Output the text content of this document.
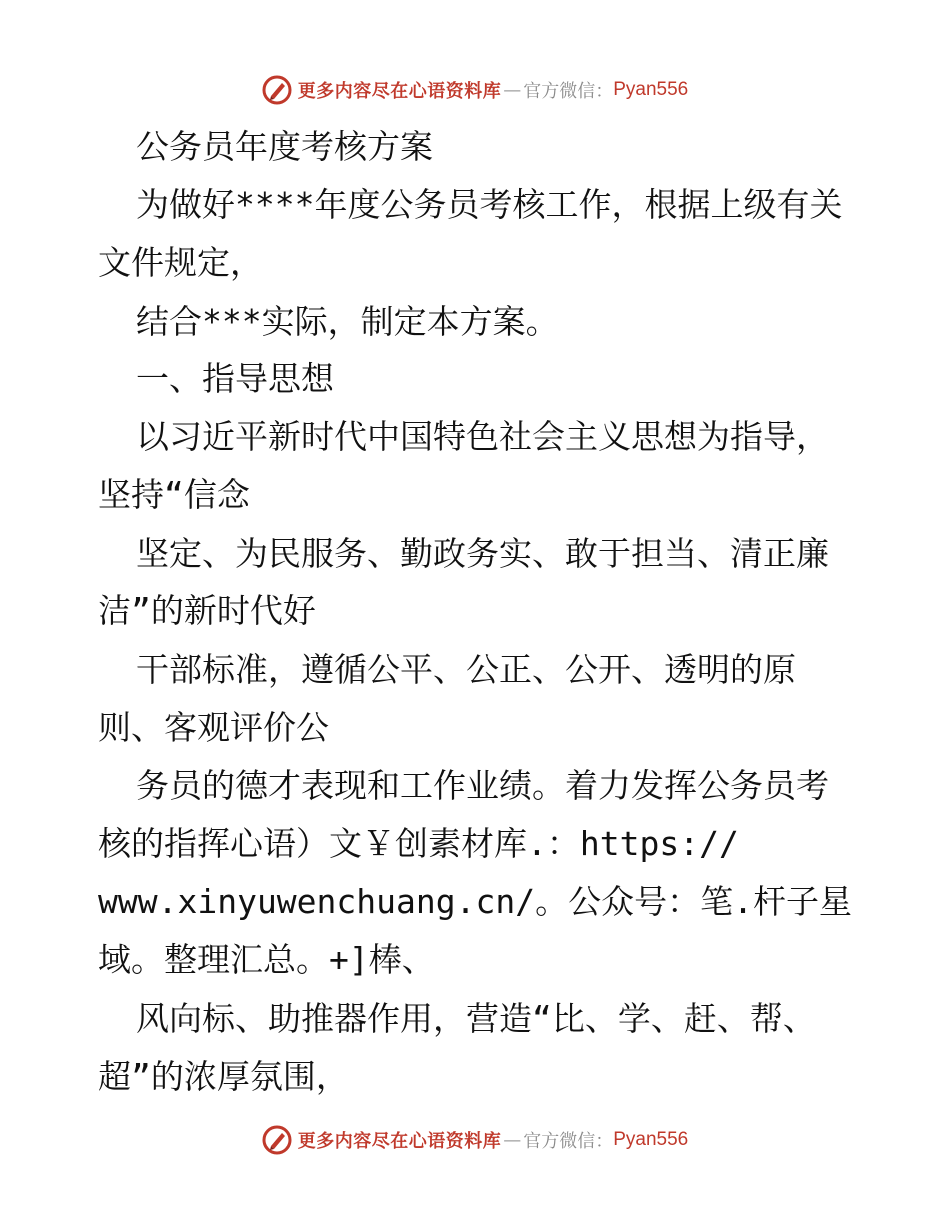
更多内容尽在心语资料库 — 官方微信： Pyan556
公务员年度考核方案
为做好****年度公务员考核工作，根据上级有关
文件规定，
结合***实际，制定本方案。
一、指导思想
以习近平新时代中国特色社会主义思想为指导，
坚持“信念
坚定、为民服务、勤政务实、敢于担当、清正廉
洁”的新时代好
干部标准，遵循公平、公正、公开、透明的原
则、客观评价公
务员的德才表现和工作业绩。着力发挥公务员考
核的指挥心语）文￥创素材库.：https://
www.xinyuwenchuang.cn/。公众号：笔.杆子星
域。整理汇总。+]棒、
风向标、助推器作用，营造“比、学、赶、帮、
超”的浓厚氛围，
更多内容尽在心语资料库 — 官方微信： Pyan556
